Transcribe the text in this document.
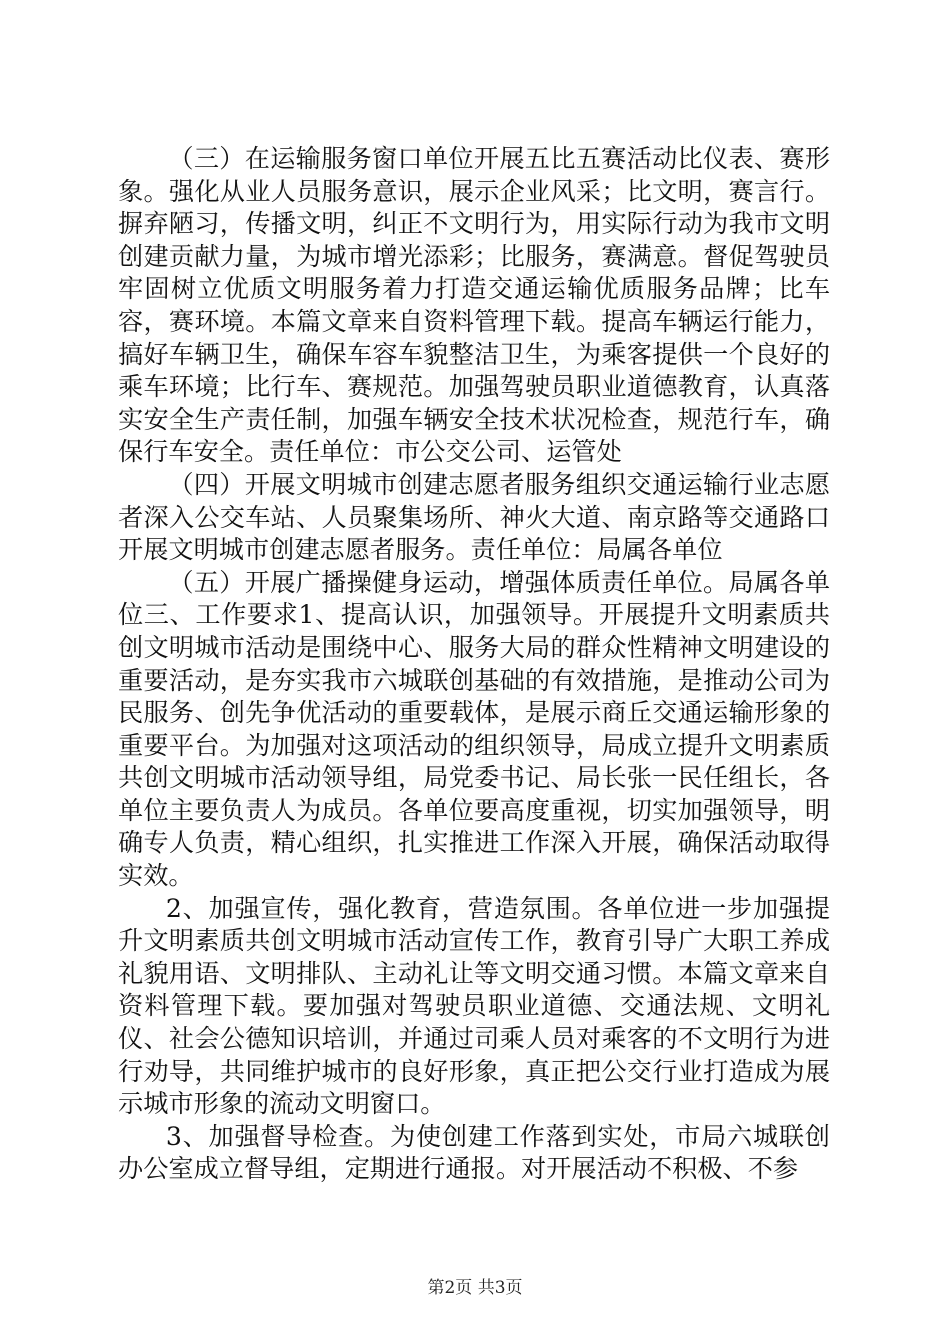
（三）在运输服务窗口单位开展五比五赛活动比仪表、赛形象。强化从业人员服务意识，展示企业风采；比文明，赛言行。摒弃陋习，传播文明，纠正不文明行为，用实际行动为我市文明创建贡献力量，为城市增光添彩；比服务，赛满意。督促驾驶员牢固树立优质文明服务着力打造交通运输优质服务品牌；比车容，赛环境。本篇文章来自资料管理下载。提高车辆运行能力，搞好车辆卫生，确保车容车貌整洁卫生，为乘客提供一个良好的乘车环境；比行车、赛规范。加强驾驶员职业道德教育，认真落实安全生产责任制，加强车辆安全技术状况检查，规范行车，确保行车安全。责任单位：市公交公司、运管处

（四）开展文明城市创建志愿者服务组织交通运输行业志愿者深入公交车站、人员聚集场所、神火大道、南京路等交通路口开展文明城市创建志愿者服务。责任单位：局属各单位

（五）开展广播操健身运动，增强体质责任单位。局属各单位三、工作要求1、提高认识，加强领导。开展提升文明素质共创文明城市活动是围绕中心、服务大局的群众性精神文明建设的重要活动，是夯实我市六城联创基础的有效措施，是推动公司为民服务、创先争优活动的重要载体，是展示商丘交通运输形象的重要平台。为加强对这项活动的组织领导，局成立提升文明素质共创文明城市活动领导组，局党委书记、局长张一民任组长，各单位主要负责人为成员。各单位要高度重视，切实加强领导，明确专人负责，精心组织，扎实推进工作深入开展，确保活动取得实效。

2、加强宣传，强化教育，营造氛围。各单位进一步加强提升文明素质共创文明城市活动宣传工作，教育引导广大职工养成礼貌用语、文明排队、主动礼让等文明交通习惯。本篇文章来自资料管理下载。要加强对驾驶员职业道德、交通法规、文明礼仪、社会公德知识培训，并通过司乘人员对乘客的不文明行为进行劝导，共同维护城市的良好形象，真正把公交行业打造成为展示城市形象的流动文明窗口。

3、加强督导检查。为使创建工作落到实处，市局六城联创办公室成立督导组，定期进行通报。对开展活动不积极、不参

第2页 共3页
